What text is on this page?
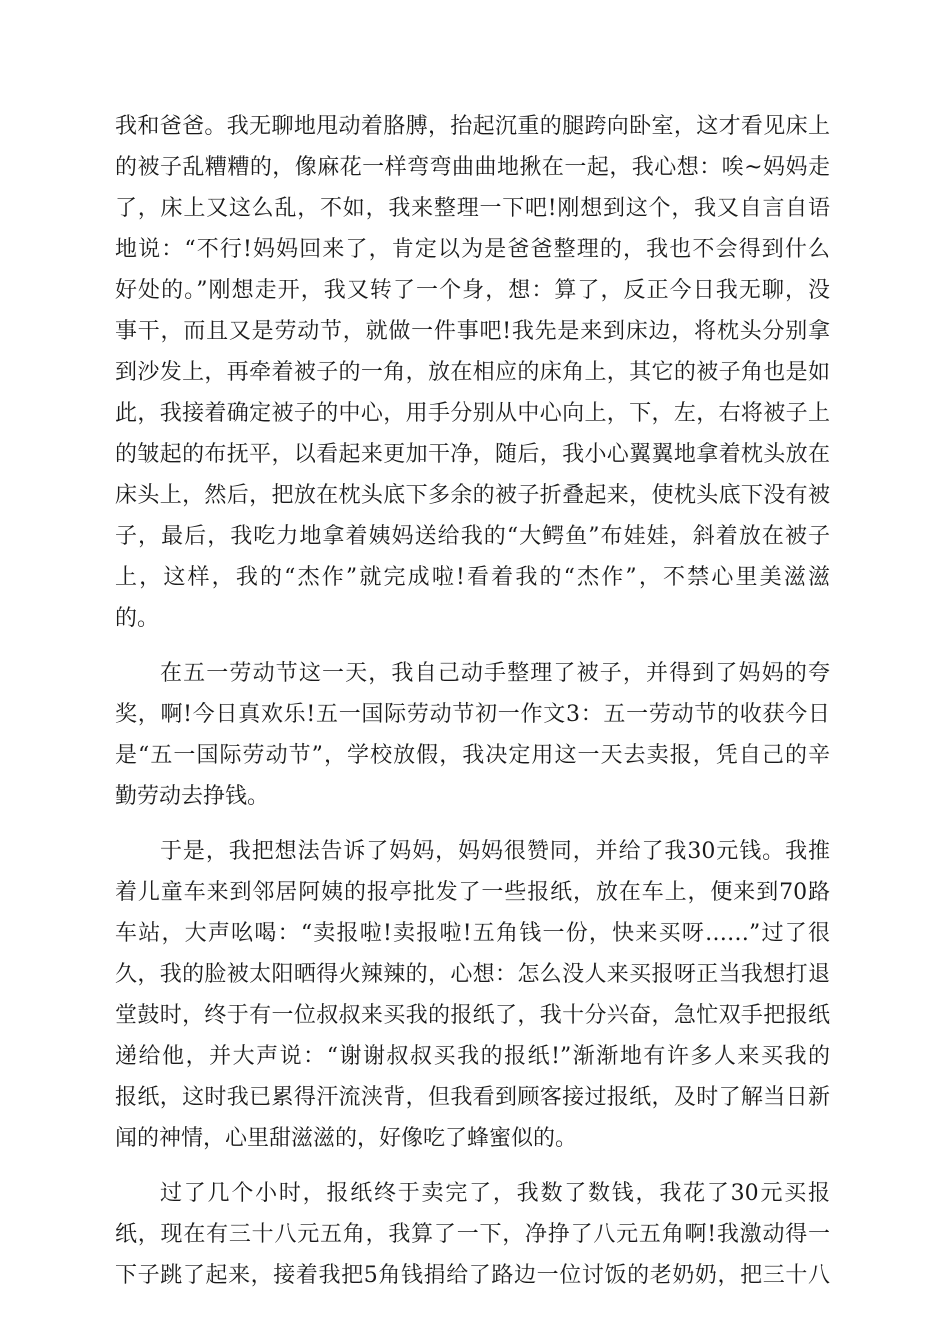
我和爸爸。我无聊地甩动着胳膊，抬起沉重的腿跨向卧室，这才看见床上

的被子乱糟糟的，像麻花一样弯弯曲曲地揪在一起，我心想：唉~妈妈走

了，床上又这么乱，不如，我来整理一下吧!刚想到这个，我又自言自语

地说：“不行!妈妈回来了，肯定以为是爸爸整理的，我也不会得到什么

好处的。”刚想走开，我又转了一个身，想：算了，反正今日我无聊，没

事干，而且又是劳动节，就做一件事吧!我先是来到床边，将枕头分别拿

到沙发上，再牵着被子的一角，放在相应的床角上，其它的被子角也是如

此，我接着确定被子的中心，用手分别从中心向上，下，左，右将被子上

的皱起的布抚平，以看起来更加干净，随后，我小心翼翼地拿着枕头放在

床头上，然后，把放在枕头底下多余的被子折叠起来，使枕头底下没有被

子，最后，我吃力地拿着姨妈送给我的“大鳄鱼”布娃娃，斜着放在被子

上，这样，我的“杰作”就完成啦!看着我的“杰作”，不禁心里美滋滋

的。

在五一劳动节这一天，我自己动手整理了被子，并得到了妈妈的夸

奖，啊!今日真欢乐!五一国际劳动节初一作文3：五一劳动节的收获今日

是“五一国际劳动节”，学校放假，我决定用这一天去卖报，凭自己的辛

勤劳动去挣钱。

于是，我把想法告诉了妈妈，妈妈很赞同，并给了我30元钱。我推

着儿童车来到邻居阿姨的报亭批发了一些报纸，放在车上，便来到70路

车站，大声吆喝：“卖报啦!卖报啦!五角钱一份，快来买呀……”过了很

久，我的脸被太阳晒得火辣辣的，心想：怎么没人来买报呀正当我想打退

堂鼓时，终于有一位叔叔来买我的报纸了，我十分兴奋，急忙双手把报纸

递给他，并大声说：“谢谢叔叔买我的报纸!”渐渐地有许多人来买我的

报纸，这时我已累得汗流浃背，但我看到顾客接过报纸，及时了解当日新

闻的神情，心里甜滋滋的，好像吃了蜂蜜似的。

过了几个小时，报纸终于卖完了，我数了数钱，我花了30元买报

纸，现在有三十八元五角，我算了一下，净挣了八元五角啊!我激动得一

下子跳了起来，接着我把5角钱捐给了路边一位讨饭的老奶奶，把三十八
